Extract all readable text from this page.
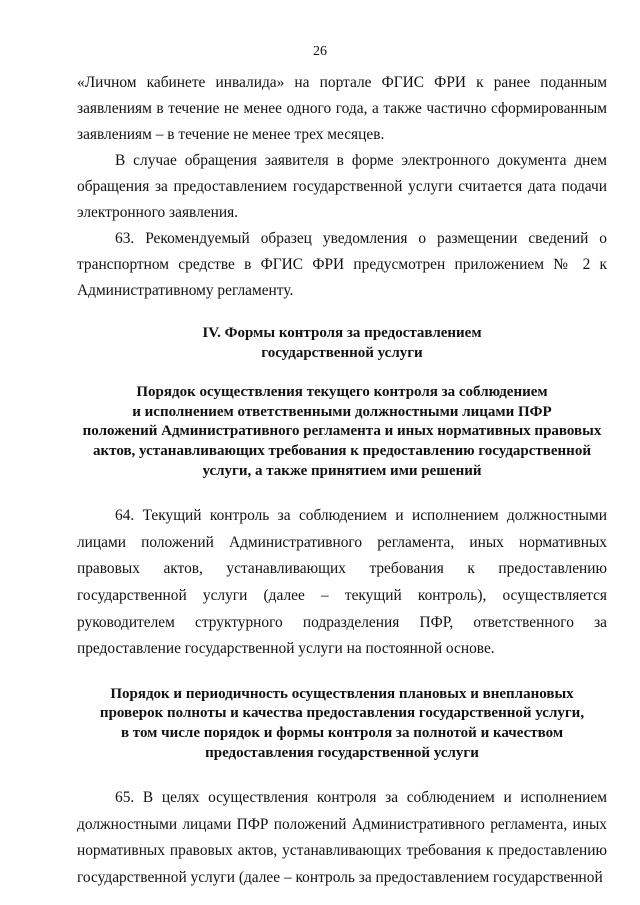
26

«Личном кабинете инвалида» на портале ФГИС ФРИ к ранее поданным заявлениям в течение не менее одного года, а также частично сформированным заявлениям – в течение не менее трех месяцев.

В случае обращения заявителя в форме электронного документа днем обращения за предоставлением государственной услуги считается дата подачи электронного заявления.

63. Рекомендуемый образец уведомления о размещении сведений о транспортном средстве в ФГИС ФРИ предусмотрен приложением № 2 к Административному регламенту.

IV. Формы контроля за предоставлением
государственной услуги
Порядок осуществления текущего контроля за соблюдением
и исполнением ответственными должностными лицами ПФР
положений Административного регламента и иных нормативных правовых
актов, устанавливающих требования к предоставлению государственной
услуги, а также принятием ими решений

64. Текущий контроль за соблюдением и исполнением должностными лицами положений Административного регламента, иных нормативных правовых актов, устанавливающих требования к предоставлению государственной услуги (далее – текущий контроль), осуществляется руководителем структурного подразделения ПФР, ответственного за предоставление государственной услуги на постоянной основе.

Порядок и периодичность осуществления плановых и внеплановых
проверок полноты и качества предоставления государственной услуги,
в том числе порядок и формы контроля за полнотой и качеством
предоставления государственной услуги

65. В целях осуществления контроля за соблюдением и исполнением должностными лицами ПФР положений Административного регламента, иных нормативных правовых актов, устанавливающих требования к предоставлению государственной услуги (далее – контроль за предоставлением государственной
